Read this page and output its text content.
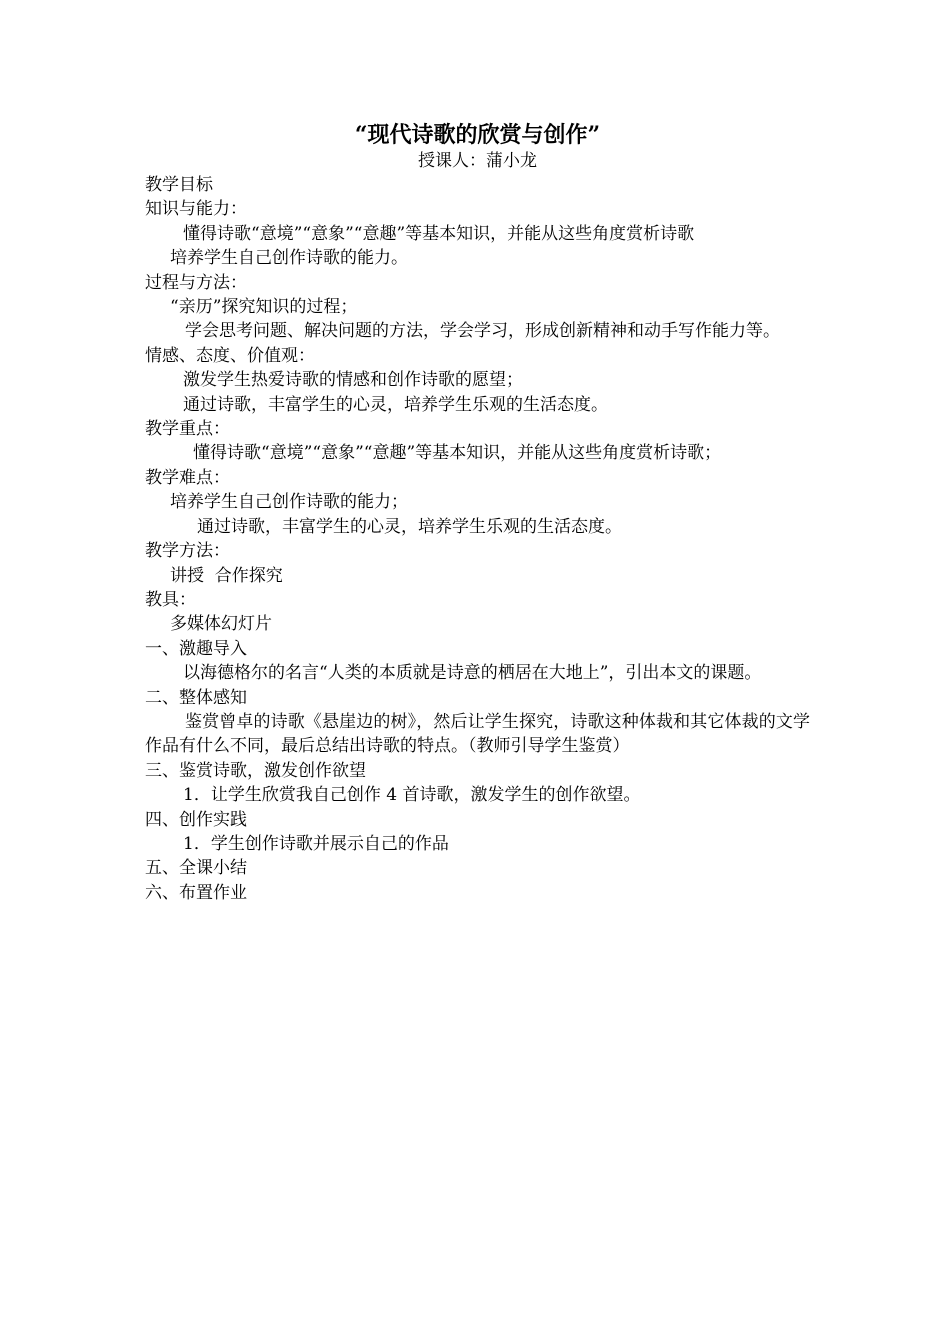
“现代诗歌的欣赏与创作”
授课人：蒲小龙

教学目标

知识与能力：

懂得诗歌“意境”“意象”“意趣”等基本知识，并能从这些角度赏析诗歌

培养学生自己创作诗歌的能力。

过程与方法：

“亲历”探究知识的过程；

学会思考问题、解决问题的方法，学会学习，形成创新精神和动手写作能力等。

情感、态度、价值观：

激发学生热爱诗歌的情感和创作诗歌的愿望；

通过诗歌，丰富学生的心灵，培养学生乐观的生活态度。

教学重点：

懂得诗歌“意境”“意象”“意趣”等基本知识，并能从这些角度赏析诗歌；

教学难点：

培养学生自己创作诗歌的能力；

通过诗歌，丰富学生的心灵，培养学生乐观的生活态度。

教学方法：

讲授  合作探究

教具：

多媒体幻灯片

一、激趣导入

以海德格尔的名言“人类的本质就是诗意的栖居在大地上”，引出本文的课题。

二、整体感知

鉴赏曾卓的诗歌《悬崖边的树》，然后让学生探究，诗歌这种体裁和其它体裁的文学作品有什么不同，最后总结出诗歌的特点。（教师引导学生鉴赏）

三、鉴赏诗歌，激发创作欲望

1．让学生欣赏我自己创作 4 首诗歌，激发学生的创作欲望。

四、创作实践

1．学生创作诗歌并展示自己的作品

五、全课小结

六、布置作业
